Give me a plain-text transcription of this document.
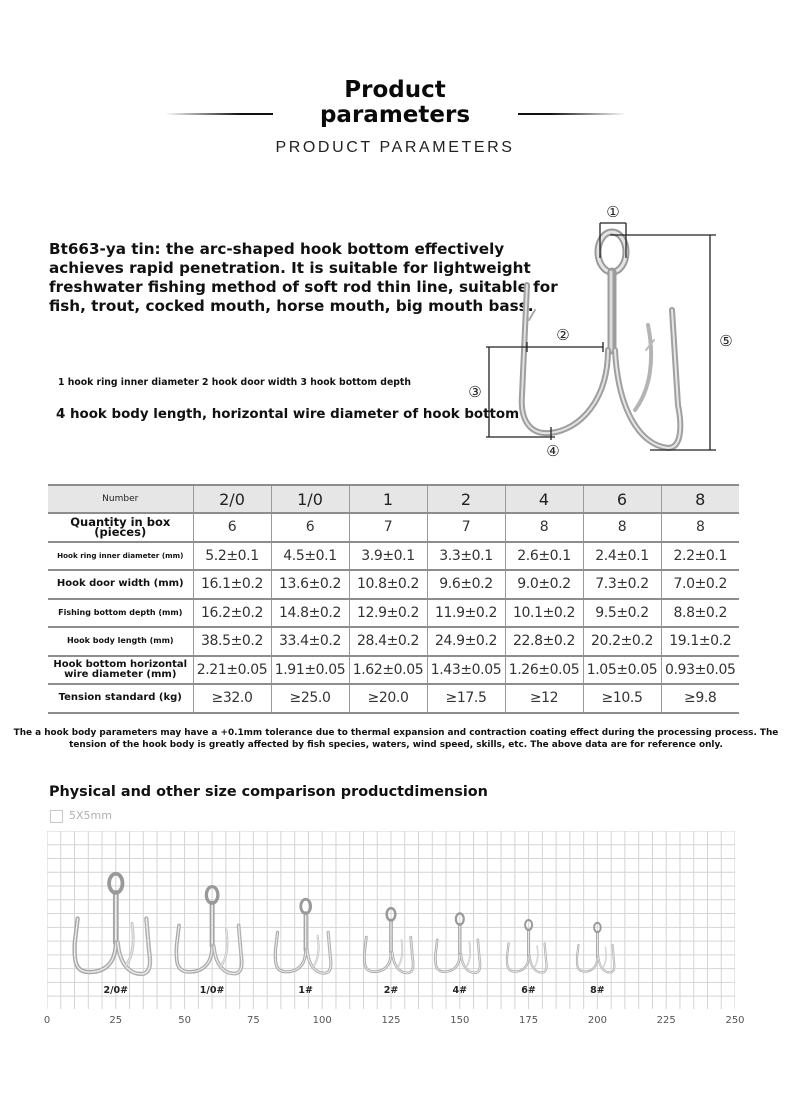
Product
parameters
PRODUCT PARAMETERS
Bt663-ya tin: the arc-shaped hook bottom effectively achieves rapid penetration. It is suitable for lightweight freshwater fishing method of soft rod thin line, suitable for fish, trout, cocked mouth, horse mouth, big mouth bass.
1 hook ring inner diameter 2 hook door width 3 hook bottom depth
4 hook body length, horizontal wire diameter of hook bottom
①
②
③
④
⑤
Number	2/0	1/0	1	2	4	6	8
Quantity in box (pieces)	6	6	7	7	8	8	8
Hook ring inner diameter (mm)	5.2±0.1	4.5±0.1	3.9±0.1	3.3±0.1	2.6±0.1	2.4±0.1	2.2±0.1
Hook door width (mm)	16.1±0.2	13.6±0.2	10.8±0.2	9.6±0.2	9.0±0.2	7.3±0.2	7.0±0.2
Fishing bottom depth (mm)	16.2±0.2	14.8±0.2	12.9±0.2	11.9±0.2	10.1±0.2	9.5±0.2	8.8±0.2
Hook body length (mm)	38.5±0.2	33.4±0.2	28.4±0.2	24.9±0.2	22.8±0.2	20.2±0.2	19.1±0.2
Hook bottom horizontal wire diameter (mm)	2.21±0.05	1.91±0.05	1.62±0.05	1.43±0.05	1.26±0.05	1.05±0.05	0.93±0.05
Tension standard (kg)	≥32.0	≥25.0	≥20.0	≥17.5	≥12	≥10.5	≥9.8
The a hook body parameters may have a +0.1mm tolerance due to thermal expansion and contraction coating effect during the processing process. The tension of the hook body is greatly affected by fish species, waters, wind speed, skills, etc. The above data are for reference only.
Physical and other size comparison productdimension
5X5mm
0	25	50	75	100	125	150	175	200	225	250
2/0#	1/0#	1#	2#	4#	6#	8#
